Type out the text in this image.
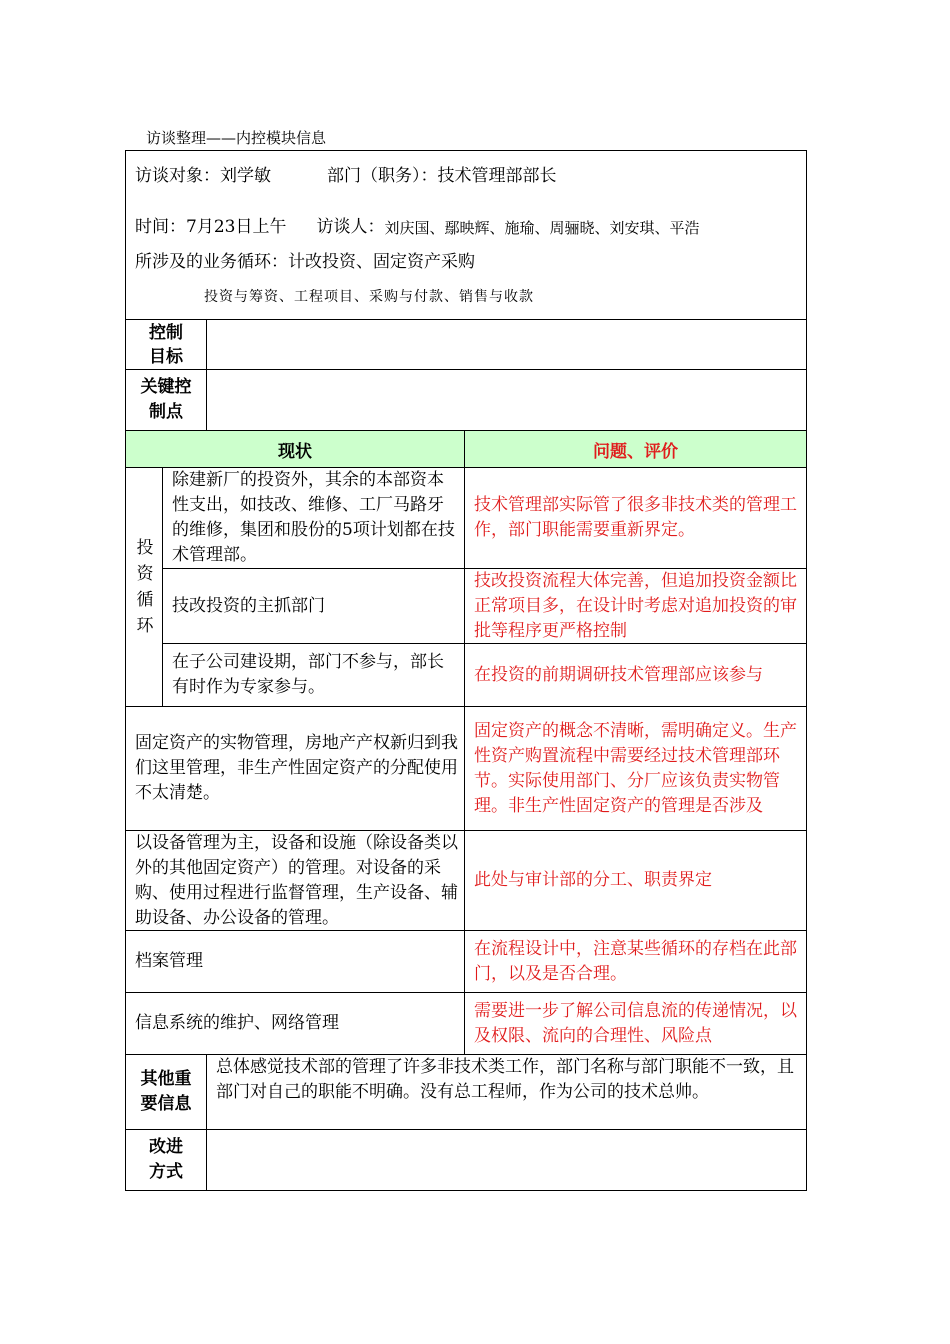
访谈整理——内控模块信息
访谈对象： 刘学敏	部门（职务）： 技术管理部部长
时间： 7月23日上午 访谈人： 刘庆国、鄢映辉、施瑜、周骊晓、刘安琪、平浩
所涉及的业务循环： 计改投资、固定资产采购
投资与筹资、工程项目、采购与付款、销售与收款
控制目标
关键控制点
现状	问题、评价
投资循环
除建新厂的投资外，其余的本部资本性支出，如技改、维修、工厂马路牙的维修，集团和股份的5项计划都在技术管理部。
技术管理部实际管了很多非技术类的管理工作，部门职能需要重新界定。
技改投资的主抓部门
技改投资流程大体完善，但追加投资金额比正常项目多，在设计时考虑对追加投资的审批等程序更严格控制
在子公司建设期，部门不参与，部长有时作为专家参与。
在投资的前期调研技术管理部应该参与
固定资产的实物管理，房地产产权新归到我们这里管理，非生产性固定资产的分配使用不太清楚。
固定资产的概念不清晰，需明确定义。生产性资产购置流程中需要经过技术管理部环节。实际使用部门、分厂应该负责实物管理。非生产性固定资产的管理是否涉及
以设备管理为主，设备和设施（除设备类以外的其他固定资产）的管理。对设备的采购、使用过程进行监督管理，生产设备、辅助设备、办公设备的管理。
此处与审计部的分工、职责界定
档案管理
在流程设计中，注意某些循环的存档在此部门，以及是否合理。
信息系统的维护、网络管理
需要进一步了解公司信息流的传递情况，以及权限、流向的合理性、风险点
其他重要信息
总体感觉技术部的管理了许多非技术类工作，部门名称与部门职能不一致，且部门对自己的职能不明确。没有总工程师，作为公司的技术总帅。
改进方式
